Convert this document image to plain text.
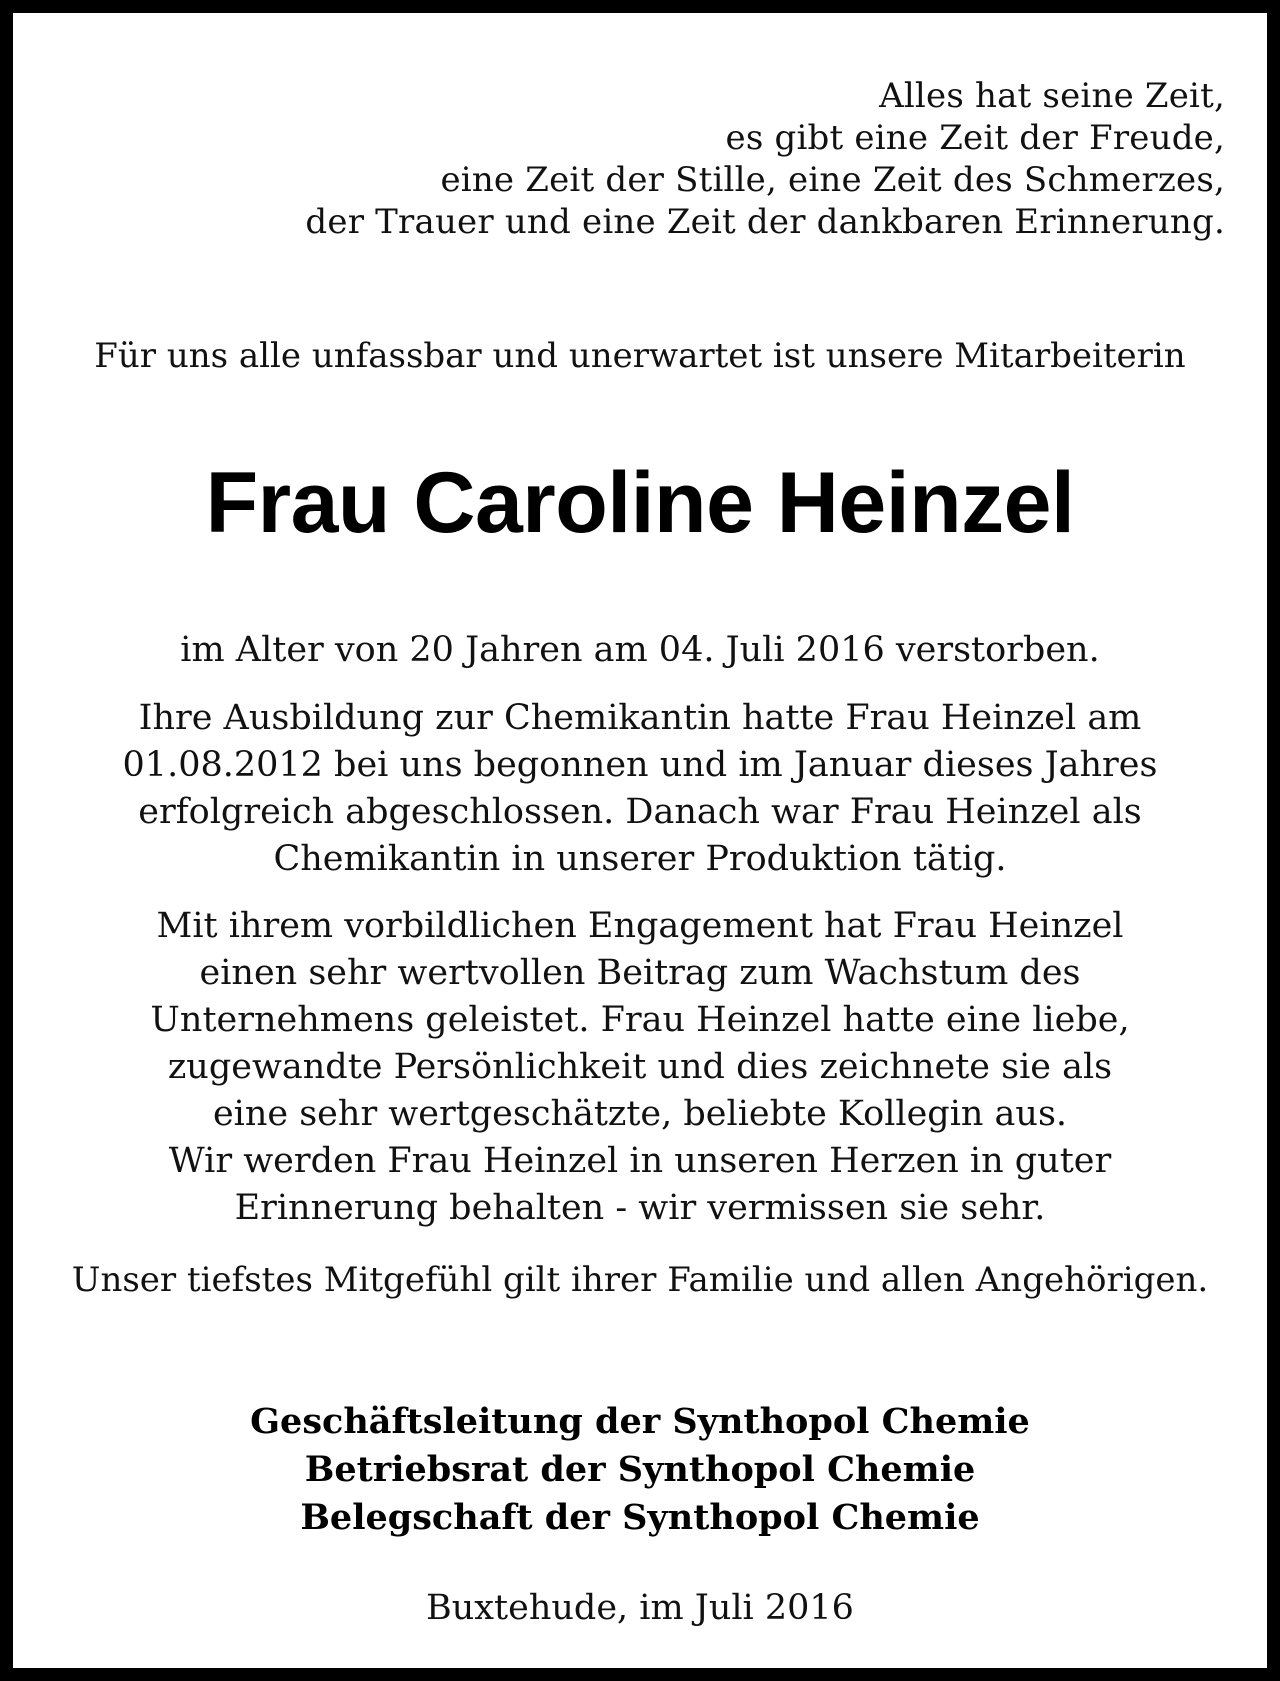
Alles hat seine Zeit,
es gibt eine Zeit der Freude,
eine Zeit der Stille, eine Zeit des Schmerzes,
der Trauer und eine Zeit der dankbaren Erinnerung.
Für uns alle unfassbar und unerwartet ist unsere Mitarbeiterin
Frau Caroline Heinzel
im Alter von 20 Jahren am 04. Juli 2016 verstorben.
Ihre Ausbildung zur Chemikantin hatte Frau Heinzel am
01.08.2012 bei uns begonnen und im Januar dieses Jahres
erfolgreich abgeschlossen. Danach war Frau Heinzel als
Chemikantin in unserer Produktion tätig.
Mit ihrem vorbildlichen Engagement hat Frau Heinzel
einen sehr wertvollen Beitrag zum Wachstum des
Unternehmens geleistet. Frau Heinzel hatte eine liebe,
zugewandte Persönlichkeit und dies zeichnete sie als
eine sehr wertgeschätzte, beliebte Kollegin aus.
Wir werden Frau Heinzel in unseren Herzen in guter
Erinnerung behalten - wir vermissen sie sehr.
Unser tiefstes Mitgefühl gilt ihrer Familie und allen Angehörigen.
Geschäftsleitung der Synthopol Chemie
Betriebsrat der Synthopol Chemie
Belegschaft der Synthopol Chemie
Buxtehude, im Juli 2016
